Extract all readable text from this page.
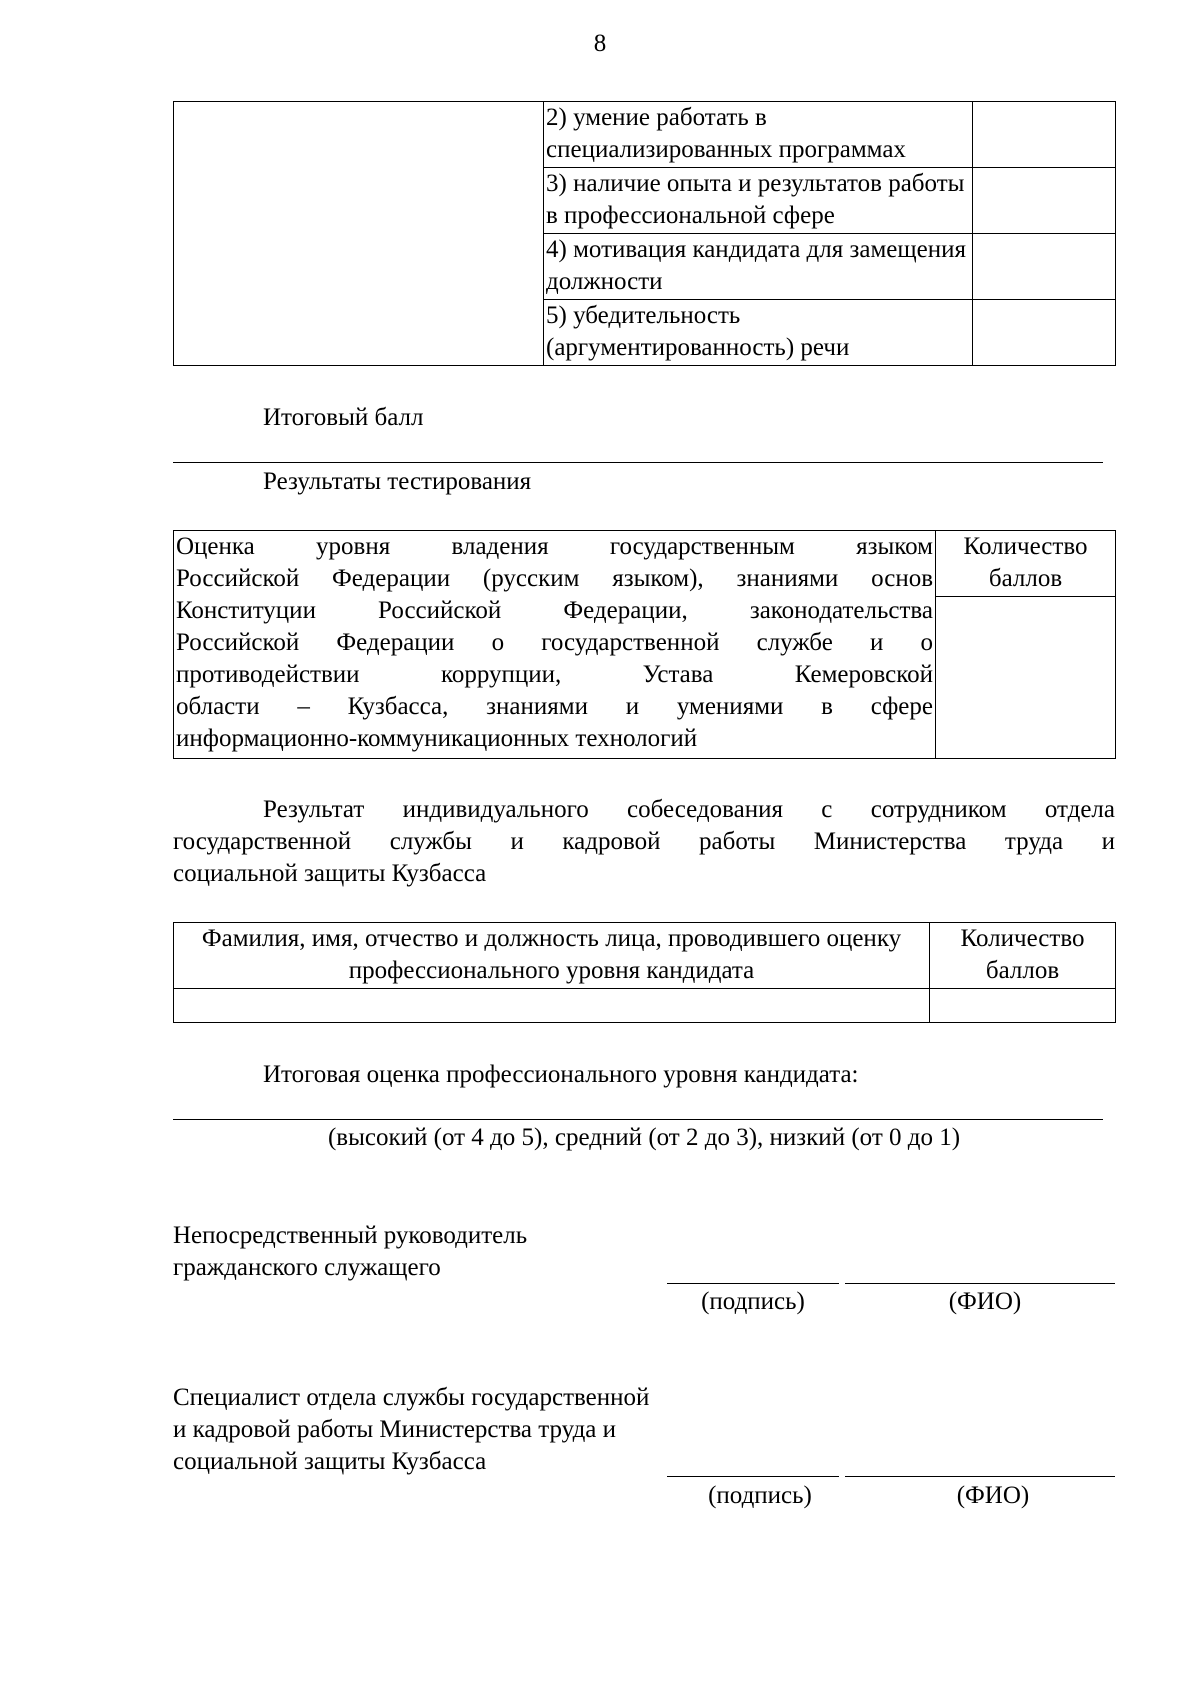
8
	2) умение работать в специализированных программах	
	3) наличие опыта и результатов работы в профессиональной сфере	
	4) мотивация кандидата для замещения должности	
	5) убедительность (аргументированность) речи	
Итоговый балл
Результаты тестирования
Оценка уровня владения государственным языком
Российской Федерации (русским языком), знаниями основ
Конституции Российской Федерации, законодательства
Российской Федерации о государственной службе и о
противодействии коррупции, Устава Кемеровской
области – Кузбасса, знаниями и умениями в сфере
информационно-коммуникационных технологий
	Количество баллов

Результат индивидуального собеседования с сотрудником отдела
государственной службы и кадровой работы Министерства труда и
социальной защиты Кузбасса
Фамилия, имя, отчество и должность лица, проводившего оценку профессионального уровня кандидата	Количество баллов

Итоговая оценка профессионального уровня кандидата:
(высокий (от 4 до 5), средний (от 2 до 3), низкий (от 0 до 1)
Непосредственный руководитель
гражданского служащего
(подпись)	(ФИО)
Специалист отдела службы государственной
и кадровой работы Министерства труда и
социальной защиты Кузбасса
(подпись)	(ФИО)
